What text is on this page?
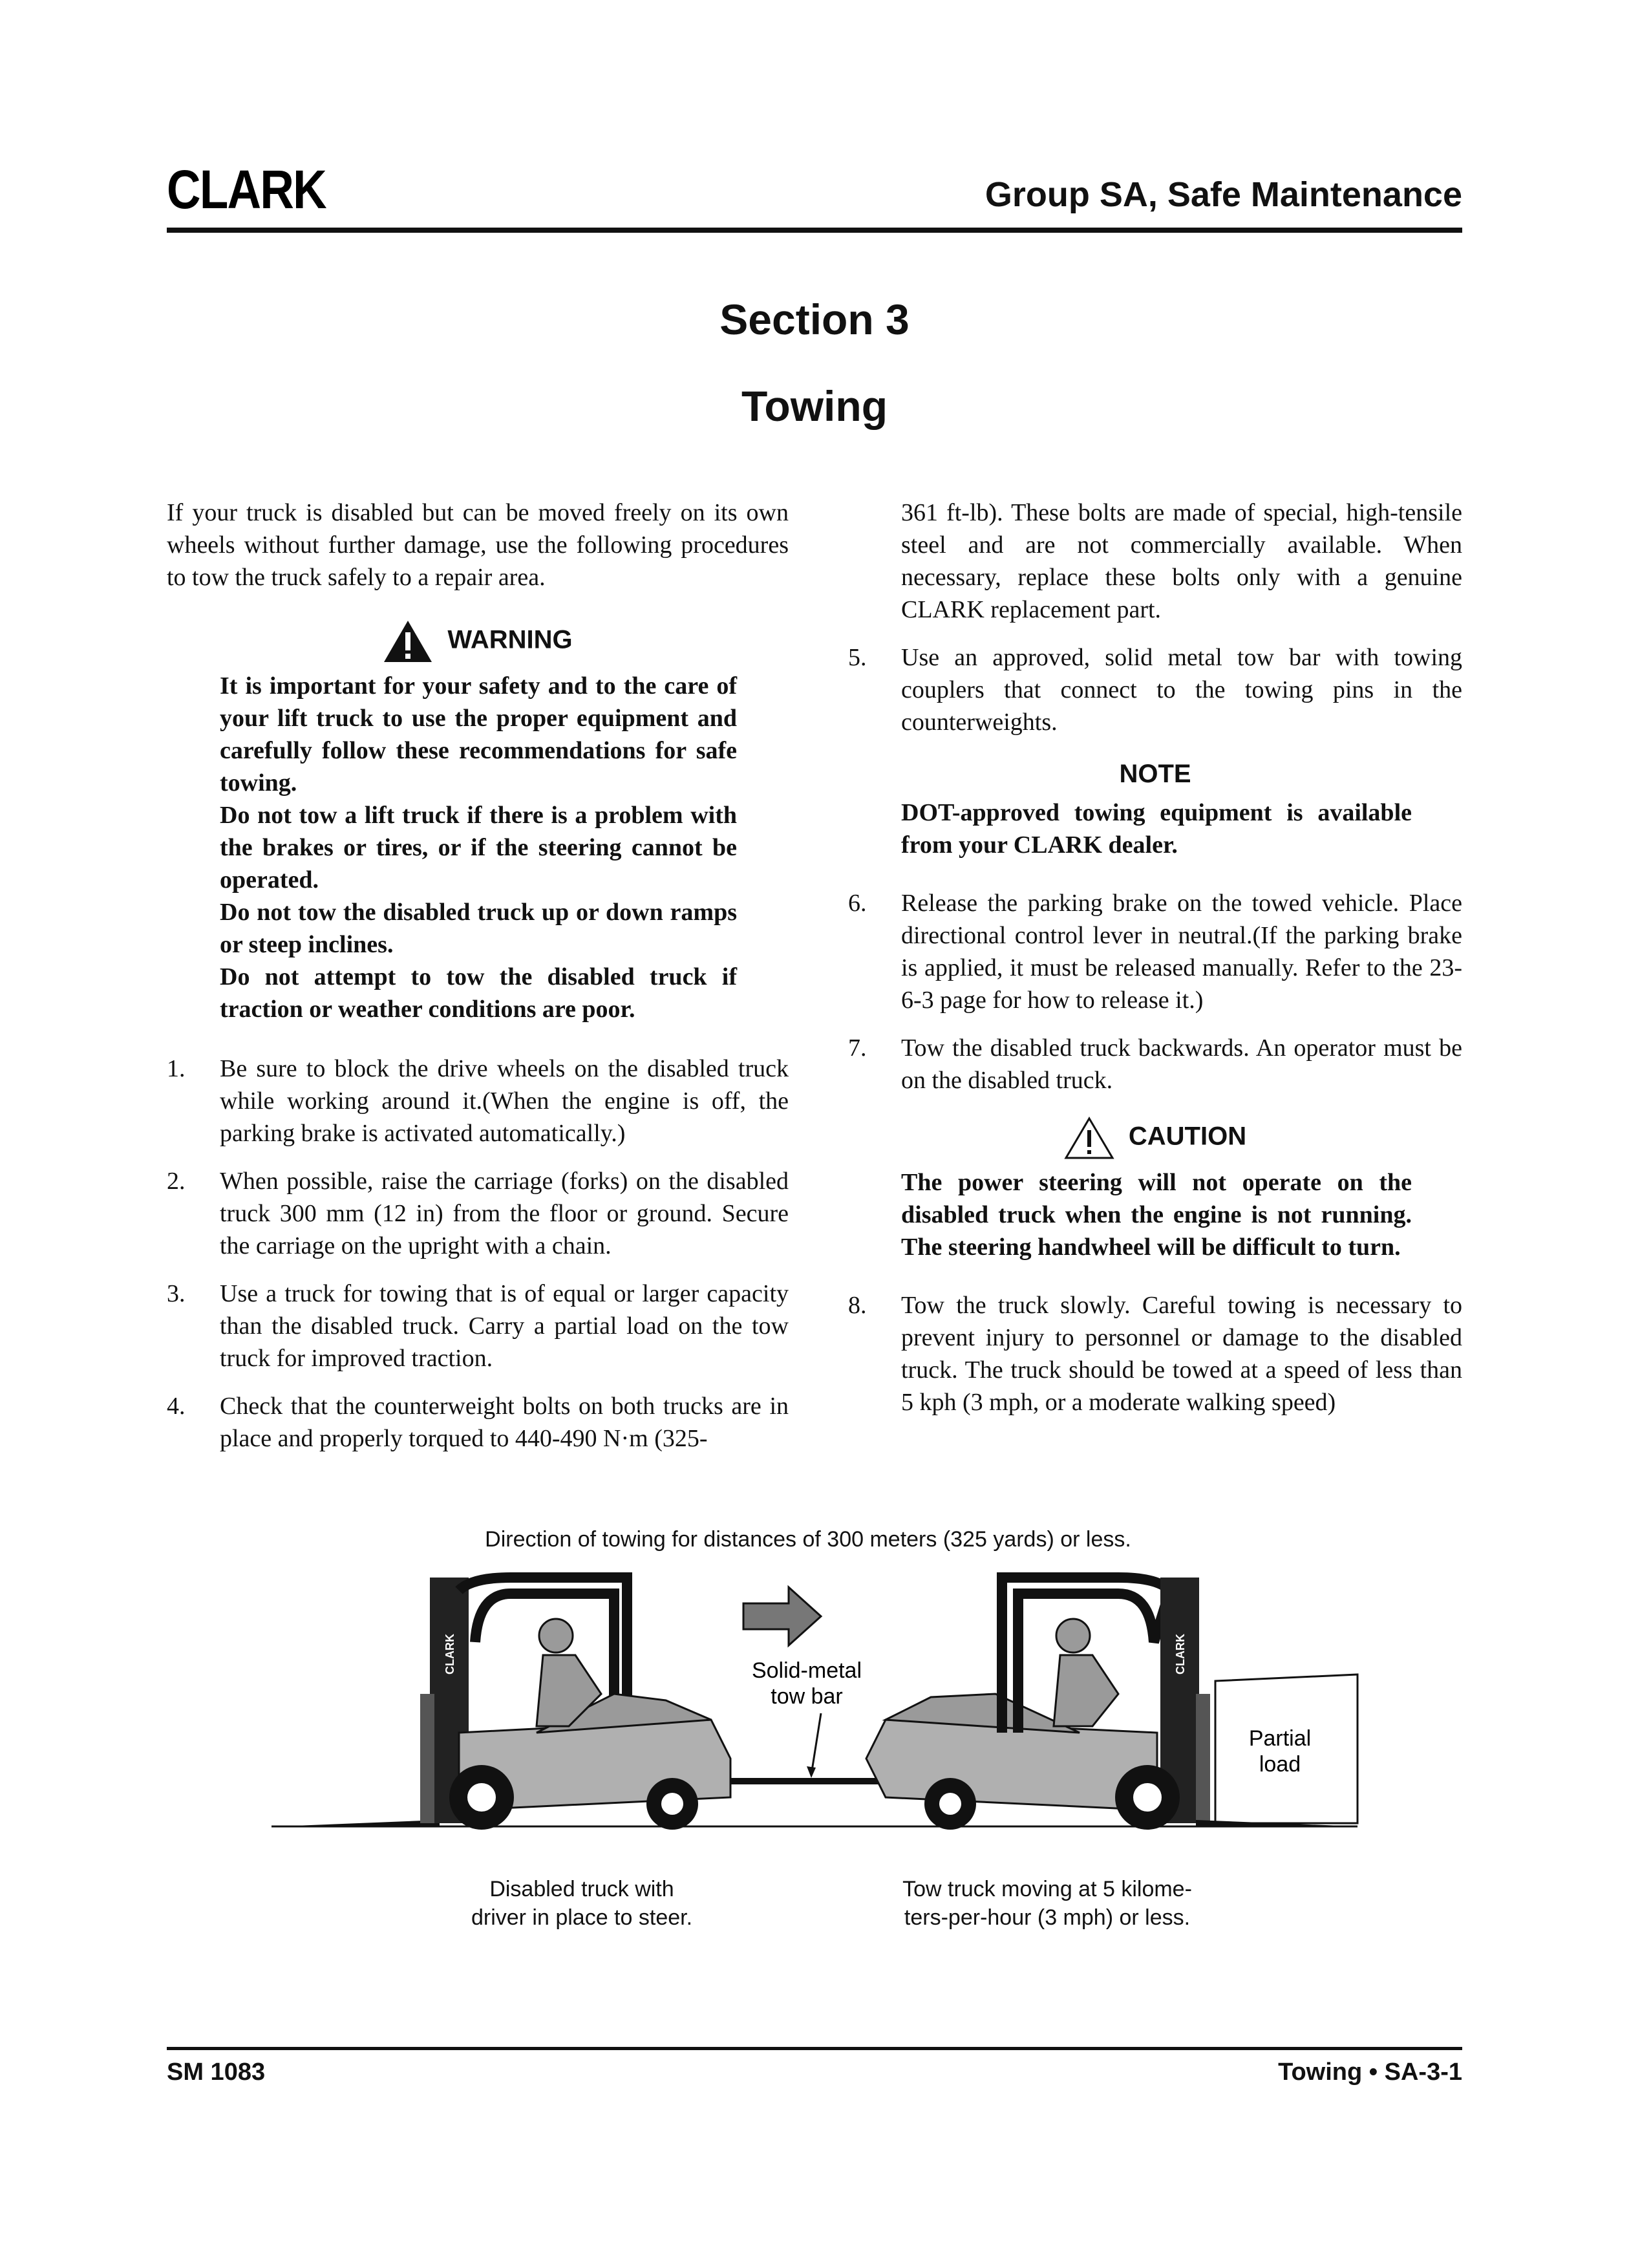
CLARK	Group SA, Safe Maintenance
Section 3
Towing

If your truck is disabled but can be moved freely on its own wheels without further damage, use the following procedures to tow the truck safely to a repair area.

WARNING

It is important for your safety and to the care of your lift truck to use the proper equipment and carefully follow these recommendations for safe towing.

Do not tow a lift truck if there is a problem with the brakes or tires, or if the steering cannot be operated.

Do not tow the disabled truck up or down ramps or steep inclines.

Do not attempt to tow the disabled truck if traction or weather conditions are poor.

1.	Be sure to block the drive wheels on the disabled truck while working around it.(When the engine is off, the parking brake is activated automatically.)
2.	When possible, raise the carriage (forks) on the disabled truck 300 mm (12 in) from the floor or ground. Secure the carriage on the upright with a chain.
3.	Use a truck for towing that is of equal or larger capacity than the disabled truck. Carry a partial load on the tow truck for improved traction.
4.	Check that the counterweight bolts on both trucks are in place and properly torqued to 440-490 N·m (325-

361 ft-lb). These bolts are made of special, high-tensile steel and are not commercially available. When necessary, replace these bolts only with a genuine CLARK replacement part.

5.	Use an approved, solid metal tow bar with towing couplers that connect to the towing pins in the counterweights.
NOTE

DOT-approved towing equipment is available from your CLARK dealer.

6.	Release the parking brake on the towed vehicle. Place directional control lever in neutral.(If the parking brake is applied, it must be released manually. Refer to the 23-6-3 page for how to release it.)
7.	Tow the disabled truck backwards. An operator must be on the disabled truck.
CAUTION

The power steering will not operate on the disabled truck when the engine is not running. The steering handwheel will be difficult to turn.

8.	Tow the truck slowly. Careful towing is necessary to prevent injury to personnel or damage to the disabled truck. The truck should be towed at a speed of less than 5 kph (3 mph, or a moderate walking speed)
Direction of towing for distances of 300 meters (325 yards) or less.
CLARK	Solid-metal
tow bar
CLARK
Partial
load
Disabled truck with
driver in place to steer.
Tow truck moving at 5 kilome-
ters-per-hour (3 mph) or less.
SM 1083	Towing • SA-3-1
